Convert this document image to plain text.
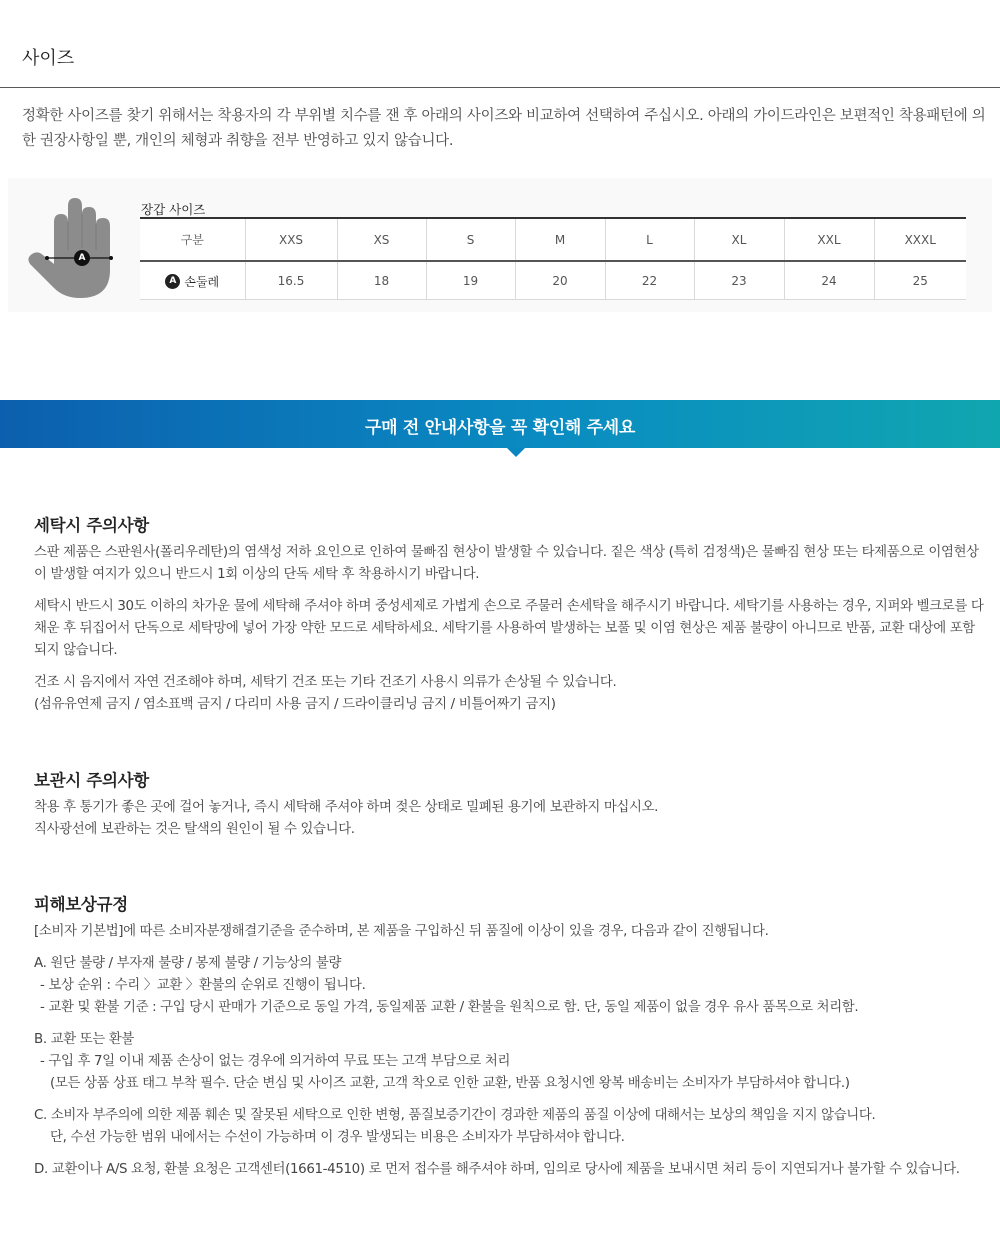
사이즈
정확한 사이즈를 찾기 위해서는 착용자의 각 부위별 치수를 잰 후 아래의 사이즈와 비교하여 선택하여 주십시오. 아래의 가이드라인은 보편적인 착용패턴에 의한 권장사항일 뿐, 개인의 체형과 취향을 전부 반영하고 있지 않습니다.
A
장갑 사이즈
구분	XXS	XS	S	M	L	XL	XXL	XXXL

A 손둘레	16.5	18	19	20	22	23	24	25
구매 전 안내사항을 꼭 확인해 주세요
세탁시 주의사항
스판 제품은 스판원사(폴리우레탄)의 염색성 저하 요인으로 인하여 물빠짐 현상이 발생할 수 있습니다. 짙은 색상 (특히 검정색)은 물빠짐 현상 또는 타제품으로 이염현상이 발생할 여지가 있으니 반드시 1회 이상의 단독 세탁 후 착용하시기 바랍니다.
세탁시 반드시 30도 이하의 차가운 물에 세탁해 주셔야 하며 중성세제로 가볍게 손으로 주물러 손세탁을 해주시기 바랍니다. 세탁기를 사용하는 경우, 지퍼와 벨크로를 다 채운 후 뒤집어서 단독으로 세탁망에 넣어 가장 약한 모드로 세탁하세요. 세탁기를 사용하여 발생하는 보풀 및 이염 현상은 제품 불량이 아니므로 반품, 교환 대상에 포함되지 않습니다.
건조 시 음지에서 자연 건조해야 하며, 세탁기 건조 또는 기타 건조기 사용시 의류가 손상될 수 있습니다.
(섬유유연제 금지 / 염소표백 금지 / 다리미 사용 금지 / 드라이클리닝 금지 / 비틀어짜기 금지)
보관시 주의사항
착용 후 통기가 좋은 곳에 걸어 놓거나, 즉시 세탁해 주셔야 하며 젖은 상태로 밀폐된 용기에 보관하지 마십시오.
직사광선에 보관하는 것은 탈색의 원인이 될 수 있습니다.
피해보상규정
[소비자 기본법]에 따른 소비자분쟁해결기준을 준수하며, 본 제품을 구입하신 뒤 품질에 이상이 있을 경우, 다음과 같이 진행됩니다.
A. 원단 불량 / 부자재 불량 / 봉제 불량 / 기능상의 불량
- 보상 순위 : 수리 〉교환 〉환불의 순위로 진행이 됩니다.
- 교환 및 환불 기준 : 구입 당시 판매가 기준으로 동일 가격, 동일제품 교환 / 환불을 원칙으로 함. 단, 동일 제품이 없을 경우 유사 품목으로 처리함.
B. 교환 또는 환불
- 구입 후 7일 이내 제품 손상이 없는 경우에 의거하여 무료 또는 고객 부담으로 처리
(모든 상품 상표 태그 부착 필수. 단순 변심 및 사이즈 교환, 고객 착오로 인한 교환, 반품 요청시엔 왕복 배송비는 소비자가 부담하셔야 합니다.)
C. 소비자 부주의에 의한 제품 훼손 및 잘못된 세탁으로 인한 변형, 품질보증기간이 경과한 제품의 품질 이상에 대해서는 보상의 책임을 지지 않습니다.
단, 수선 가능한 범위 내에서는 수선이 가능하며 이 경우 발생되는 비용은 소비자가 부담하셔야 합니다.
D. 교환이나 A/S 요청, 환불 요청은 고객센터(1661-4510) 로 먼저 접수를 해주셔야 하며, 임의로 당사에 제품을 보내시면 처리 등이 지연되거나 불가할 수 있습니다.
